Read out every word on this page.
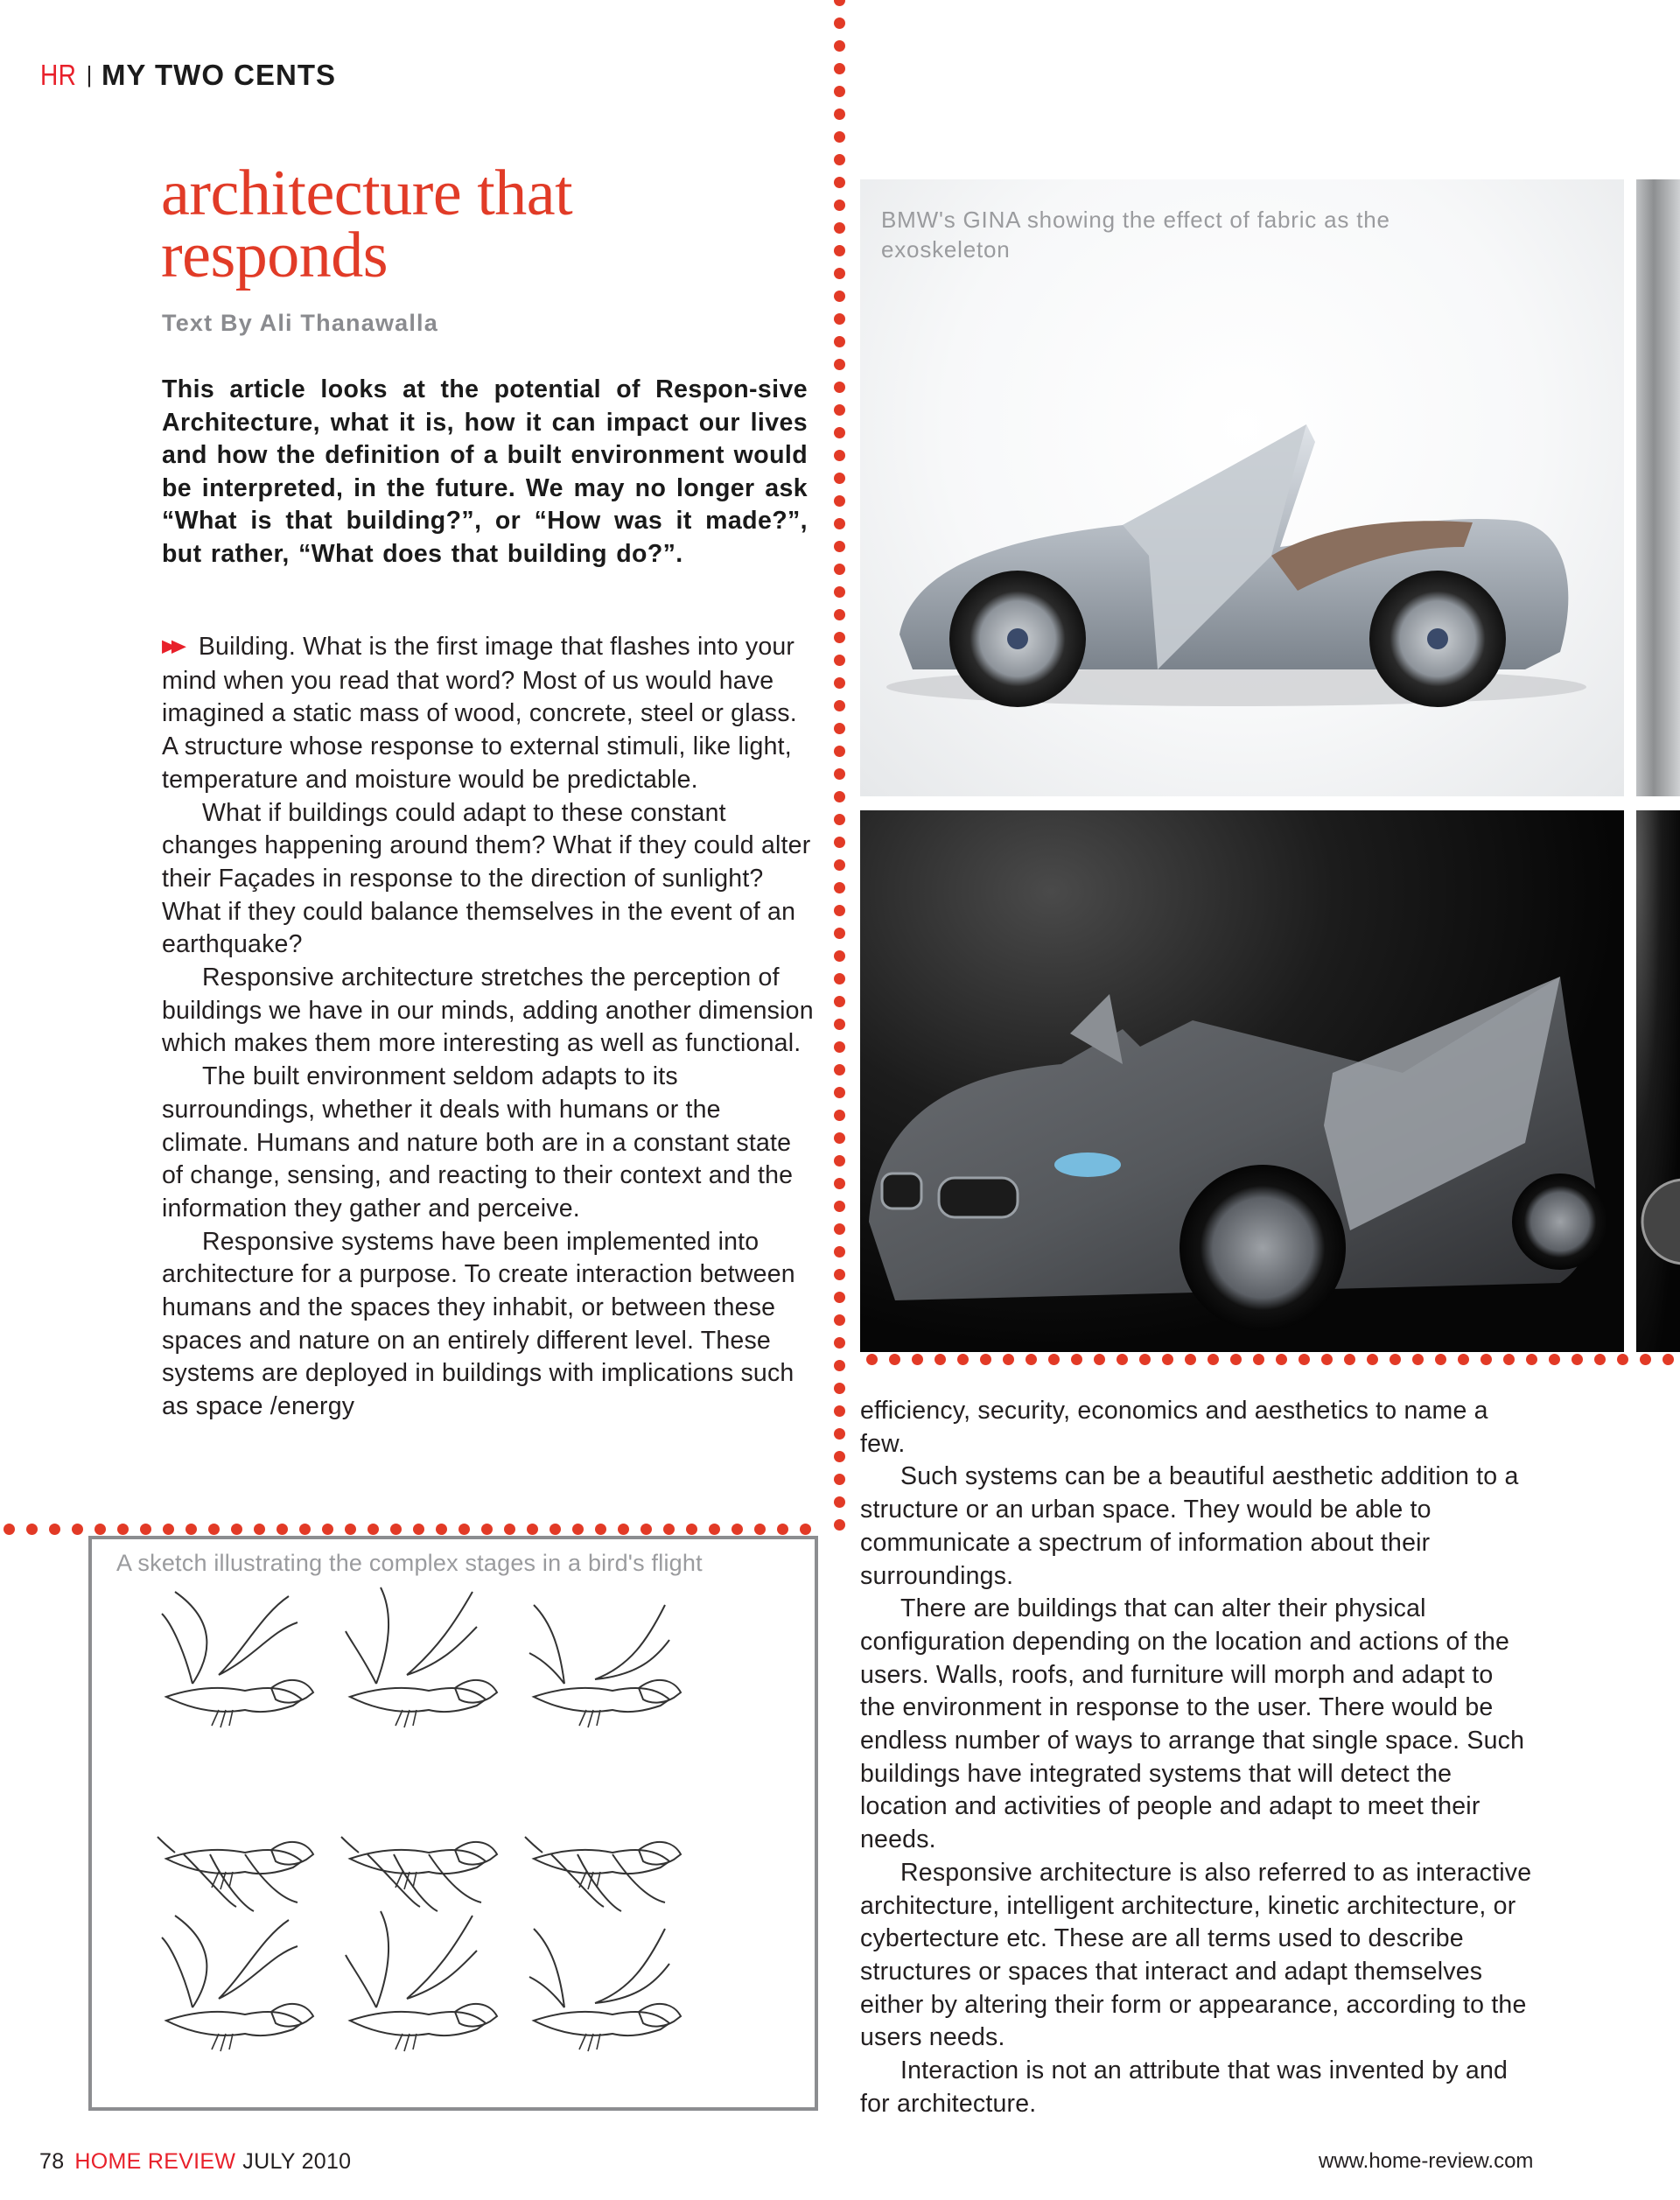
HR | MY TWO CENTS
architecture that
responds
Text By Ali Thanawalla
This article looks at the potential of Respon-sive Architecture, what it is, how it can impact our lives and how the definition of a built environment would be interpreted, in the future. We may no longer ask “What is that building?”, or “How was it made?”, but rather, “What does that building do?”.

▶▶ Building. What is the first image that flashes into your mind when you read that word? Most of us would have imagined a static mass of wood, concrete, steel or glass. A structure whose response to external stimuli, like light, temperature and moisture would be predictable.

What if buildings could adapt to these constant changes happening around them? What if they could alter their Façades in response to the direction of sunlight? What if they could balance themselves in the event of an earthquake?

Responsive architecture stretches the perception of buildings we have in our minds, adding another dimension which makes them more interesting as well as functional.

The built environment seldom adapts to its surroundings, whether it deals with humans or the climate. Humans and nature both are in a constant state of change, sensing, and reacting to their context and the information they gather and perceive.

Responsive systems have been implemented into architecture for a purpose. To create interaction between humans and the spaces they inhabit, or between these spaces and nature on an entirely different level. These systems are deployed in buildings with implications such as space /energy	efficiency, security, economics and aesthetics to name a few.

Such systems can be a beautiful aesthetic addition to a structure or an urban space. They would be able to communicate a spectrum of information about their surroundings.

There are buildings that can alter their physical configuration depending on the location and actions of the users. Walls, roofs, and furniture will morph and adapt to the environment in response to the user. There would be endless number of ways to arrange that single space. Such buildings have integrated systems that will detect the location and activities of people and adapt to meet their needs.

Responsive architecture is also referred to as interactive architecture, intelligent architecture, kinetic architecture, or cybertecture etc. These are all terms used to describe structures or spaces that interact and adapt themselves either by altering their form or appearance, according to the users needs.

Interaction is not an attribute that was invented by and for architecture.

BMW's GINA showing the effect of fabric as the exoskeleton
A sketch illustrating the complex stages in a bird's flight
78 HOME REVIEW JULY 2010	www.home-review.com
